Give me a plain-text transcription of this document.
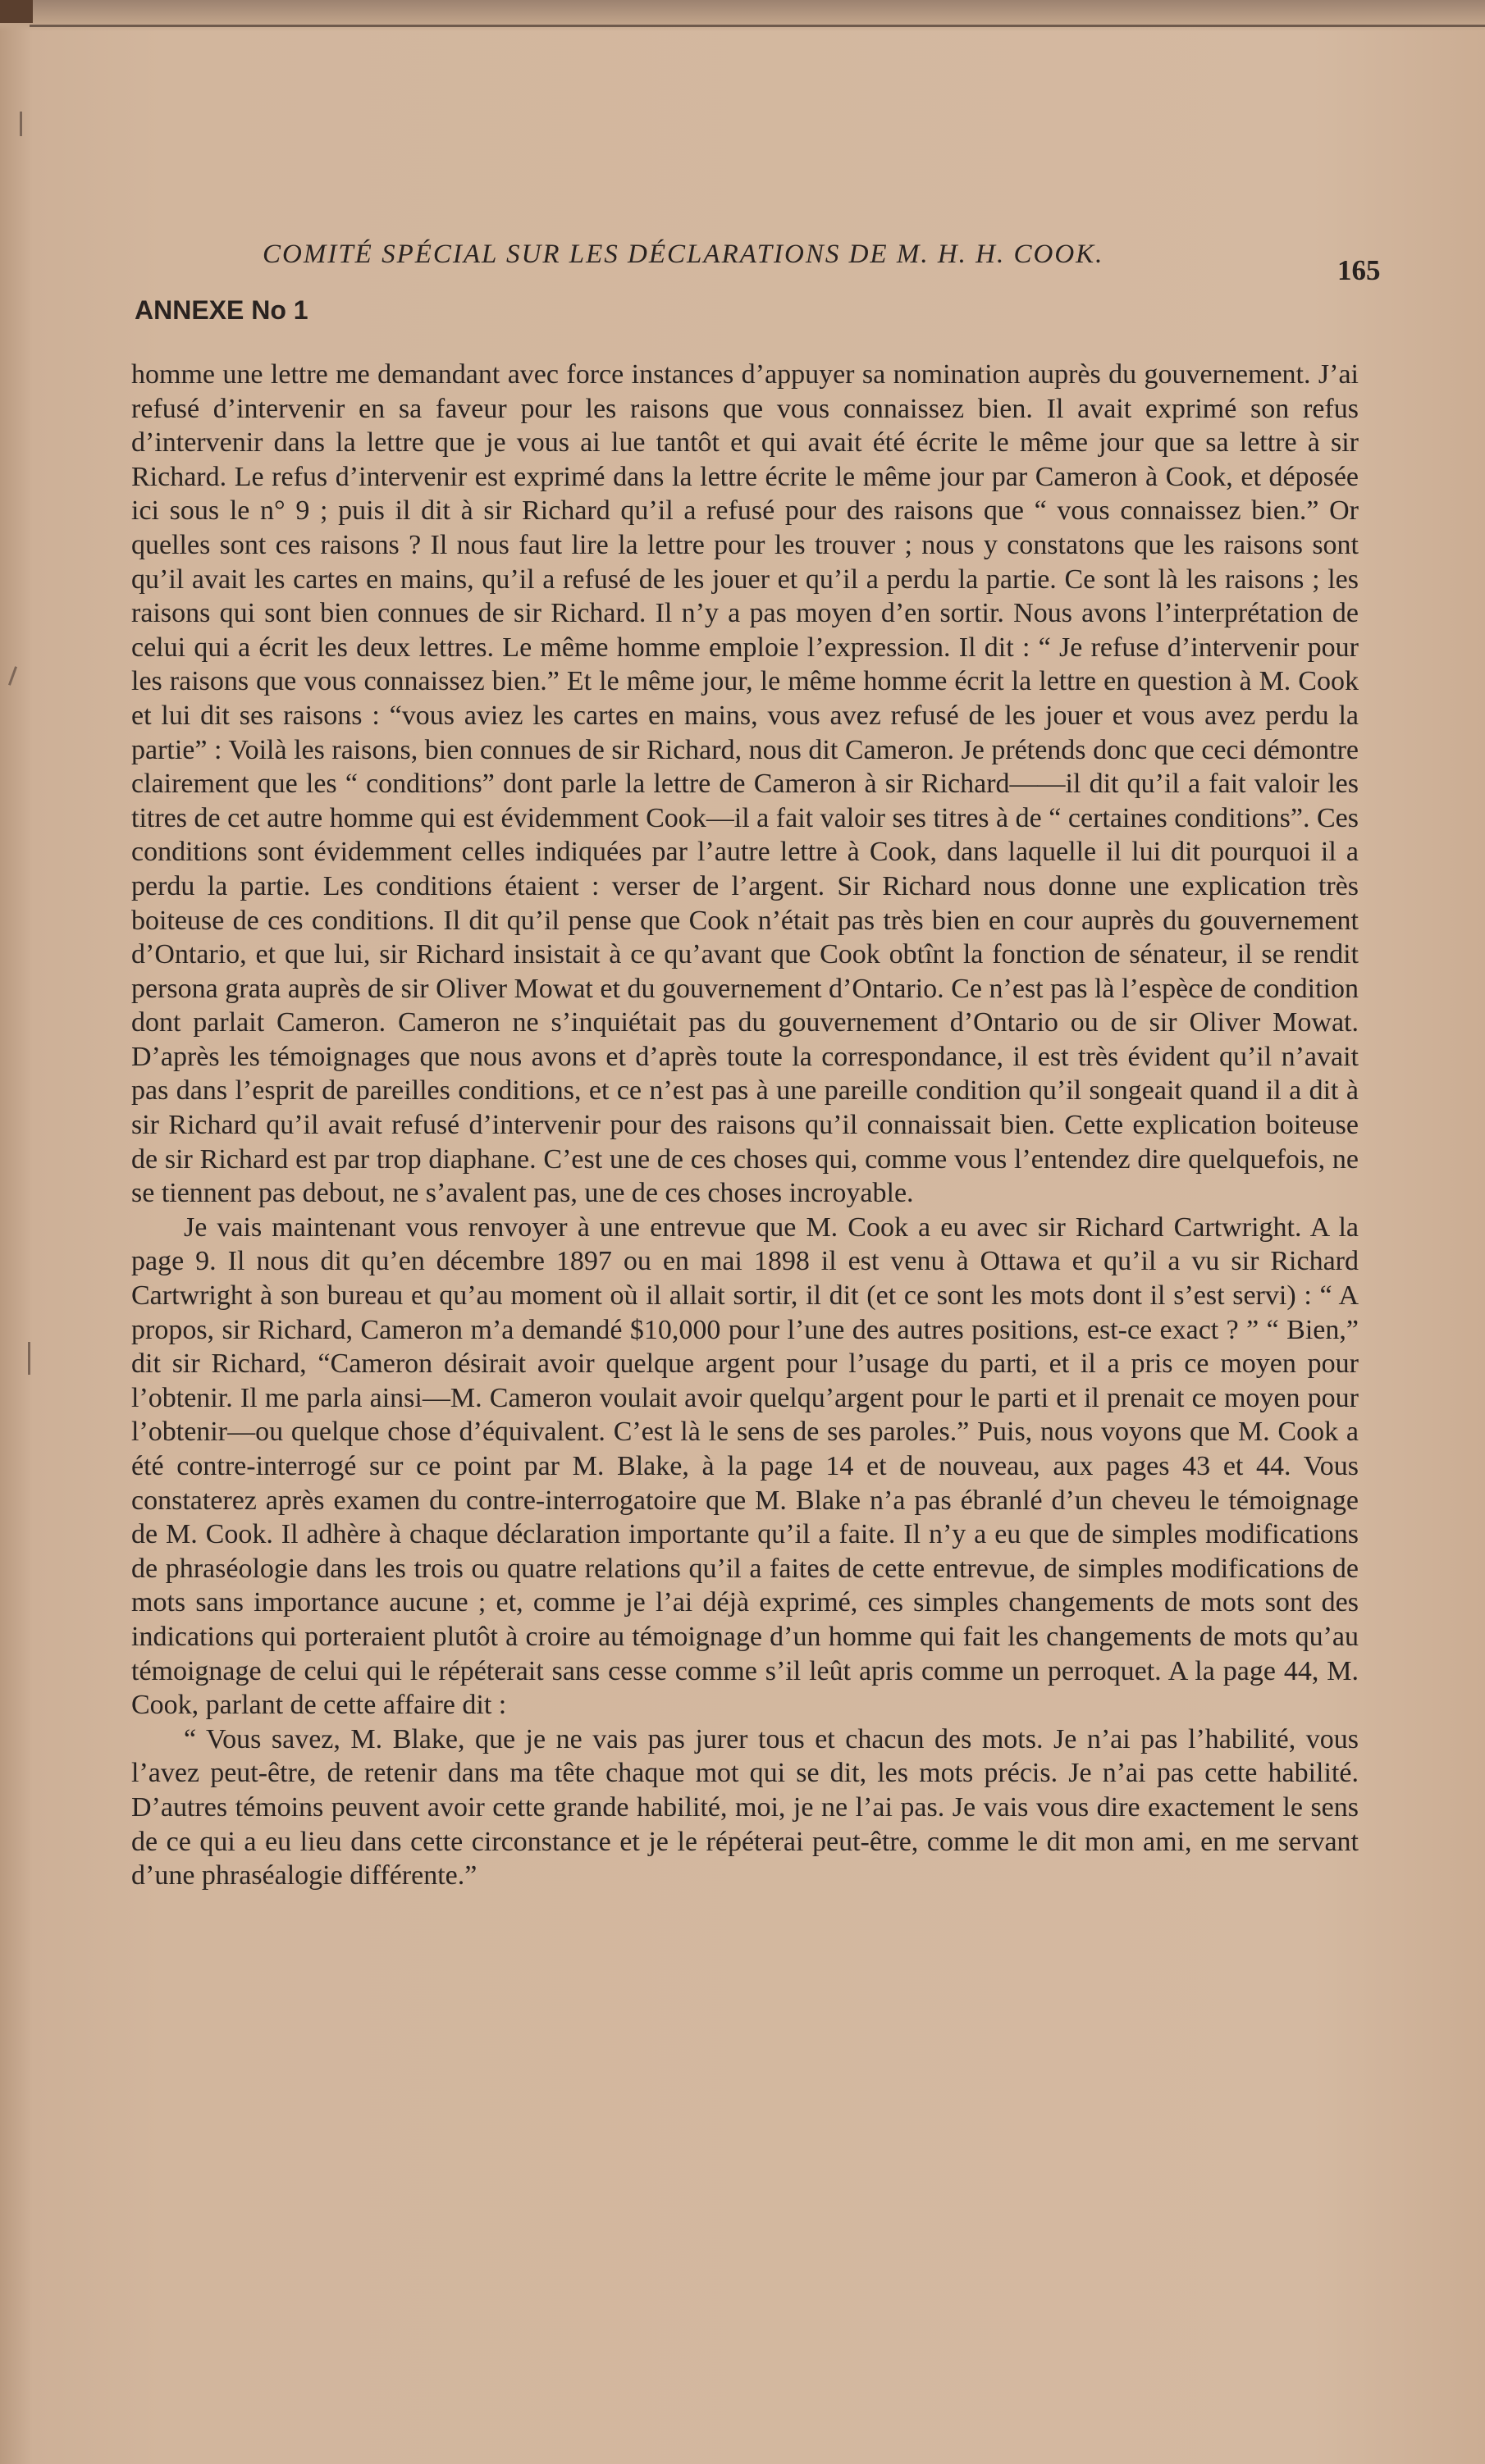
COMITÉ SPÉCIAL SUR LES DÉCLARATIONS DE M. H. H. COOK.	165
ANNEXE No 1

homme une lettre me demandant avec force instances d’appuyer sa nomination auprès du gouvernement. J’ai refusé d’intervenir en sa faveur pour les raisons que vous connaissez bien. Il avait exprimé son refus d’intervenir dans la lettre que je vous ai lue tantôt et qui avait été écrite le même jour que sa lettre à sir Richard. Le refus d’intervenir est exprimé dans la lettre écrite le même jour par Cameron à Cook, et déposée ici sous le n° 9 ; puis il dit à sir Richard qu’il a refusé pour des raisons que “ vous connaissez bien.” Or quelles sont ces raisons ? Il nous faut lire la lettre pour les trouver ; nous y constatons que les raisons sont qu’il avait les cartes en mains, qu’il a refusé de les jouer et qu’il a perdu la partie. Ce sont là les raisons ; les raisons qui sont bien connues de sir Richard. Il n’y a pas moyen d’en sortir. Nous avons l’interprétation de celui qui a écrit les deux lettres. Le même homme emploie l’expression. Il dit : “ Je refuse d’intervenir pour les raisons que vous connaissez bien.” Et le même jour, le même homme écrit la lettre en question à M. Cook et lui dit ses raisons : “vous aviez les cartes en mains, vous avez refusé de les jouer et vous avez perdu la partie” : Voilà les raisons, bien connues de sir Richard, nous dit Cameron. Je prétends donc que ceci démontre clairement que les “ conditions” dont parle la lettre de Cameron à sir Richard——il dit qu’il a fait valoir les titres de cet autre homme qui est évidemment Cook—il a fait valoir ses titres à de “ certaines conditions”. Ces conditions sont évidemment celles indiquées par l’autre lettre à Cook, dans laquelle il lui dit pourquoi il a perdu la partie. Les conditions étaient : verser de l’argent. Sir Richard nous donne une explication très boiteuse de ces conditions. Il dit qu’il pense que Cook n’était pas très bien en cour auprès du gouvernement d’Ontario, et que lui, sir Richard insistait à ce qu’avant que Cook obtînt la fonction de sénateur, il se rendit persona grata auprès de sir Oliver Mowat et du gouvernement d’Ontario. Ce n’est pas là l’espèce de condition dont parlait Cameron. Cameron ne s’inquiétait pas du gouvernement d’Ontario ou de sir Oliver Mowat. D’après les témoignages que nous avons et d’après toute la correspondance, il est très évident qu’il n’avait pas dans l’esprit de pareilles conditions, et ce n’est pas à une pareille condition qu’il songeait quand il a dit à sir Richard qu’il avait refusé d’intervenir pour des raisons qu’il connaissait bien. Cette explication boiteuse de sir Richard est par trop diaphane. C’est une de ces choses qui, comme vous l’entendez dire quelquefois, ne se tiennent pas debout, ne s’avalent pas, une de ces choses incroyable.

Je vais maintenant vous renvoyer à une entrevue que M. Cook a eu avec sir Richard Cartwright. A la page 9. Il nous dit qu’en décembre 1897 ou en mai 1898 il est venu à Ottawa et qu’il a vu sir Richard Cartwright à son bureau et qu’au moment où il allait sortir, il dit (et ce sont les mots dont il s’est servi) : “ A propos, sir Richard, Cameron m’a demandé $10,000 pour l’une des autres positions, est-ce exact ? ” “ Bien,” dit sir Richard, “Cameron désirait avoir quelque argent pour l’usage du parti, et il a pris ce moyen pour l’obtenir. Il me parla ainsi—M. Cameron voulait avoir quelqu’argent pour le parti et il prenait ce moyen pour l’obtenir—ou quelque chose d’équivalent. C’est là le sens de ses paroles.” Puis, nous voyons que M. Cook a été contre-interrogé sur ce point par M. Blake, à la page 14 et de nouveau, aux pages 43 et 44. Vous constaterez après examen du contre-interrogatoire que M. Blake n’a pas ébranlé d’un cheveu le témoignage de M. Cook. Il adhère à chaque déclaration importante qu’il a faite. Il n’y a eu que de simples modifications de phraséologie dans les trois ou quatre relations qu’il a faites de cette entrevue, de simples modifications de mots sans importance aucune ; et, comme je l’ai déjà exprimé, ces simples changements de mots sont des indications qui porteraient plutôt à croire au témoignage d’un homme qui fait les changements de mots qu’au témoignage de celui qui le répéterait sans cesse comme s’il leût apris comme un perroquet. A la page 44, M. Cook, parlant de cette affaire dit :

“ Vous savez, M. Blake, que je ne vais pas jurer tous et chacun des mots. Je n’ai pas l’habilité, vous l’avez peut-être, de retenir dans ma tête chaque mot qui se dit, les mots précis. Je n’ai pas cette habilité. D’autres témoins peuvent avoir cette grande habilité, moi, je ne l’ai pas. Je vais vous dire exactement le sens de ce qui a eu lieu dans cette circonstance et je le répéterai peut-être, comme le dit mon ami, en me servant d’une phraséalogie différente.”
